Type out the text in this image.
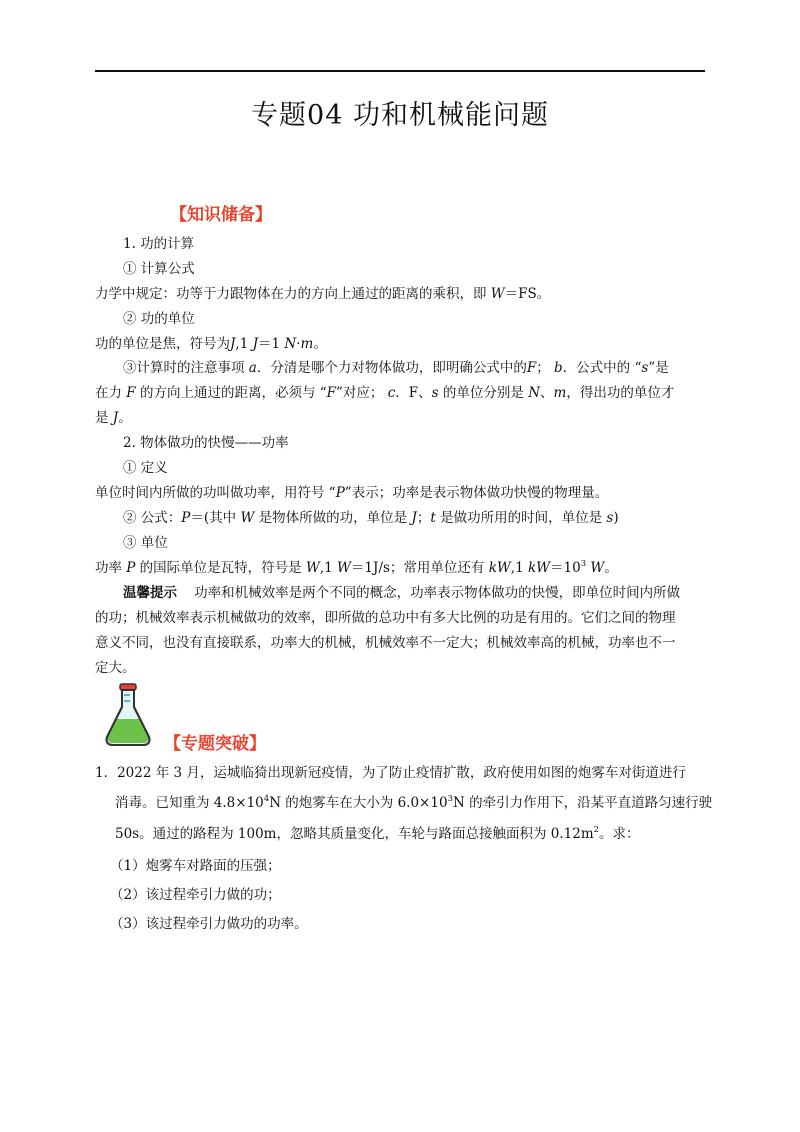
专题04 功和机械能问题
【知识储备】
1. 功的计算
① 计算公式
力学中规定：功等于力跟物体在力的方向上通过的距离的乘积，即 W＝FS。
② 功的单位
功的单位是焦，符号为J,1 J＝1 N·m。
③计算时的注意事项 a．分清是哪个力对物体做功，即明确公式中的F； b．公式中的 “s”是
在力 F 的方向上通过的距离，必须与 “F”对应； c．F、s 的单位分别是 N、m，得出功的单位才
是 J。
2. 物体做功的快慢——功率
① 定义
单位时间内所做的功叫做功率，用符号 “P”表示；功率是表示物体做功快慢的物理量。
② 公式：P＝(其中 W 是物体所做的功，单位是 J；t 是做功所用的时间，单位是 s)
③ 单位
功率 P 的国际单位是瓦特，符号是 W,1 W＝1J/s；常用单位还有 kW,1 $kW=10^3$ W。
温馨提示 功率和机械效率是两个不同的概念，功率表示物体做功的快慢，即单位时间内所做
的功；机械效率表示机械做功的效率，即所做的总功中有多大比例的功是有用的。它们之间的物理
意义不同，也没有直接联系，功率大的机械，机械效率不一定大；机械效率高的机械，功率也不一
定大。
【专题突破】
1．2022 年 3 月，运城临猗出现新冠疫情，为了防止疫情扩散，政府使用如图的炮雾车对街道进行
消毒。已知重为 $4.8\times 10^4N$ 的炮雾车在大小为 $6.0\times 10^3N$ 的牵引力作用下，沿某平直道路匀速行驶
50s。通过的路程为 100m，忽略其质量变化，车轮与路面总接触面积为 $0.12m^2$。求：
（1）炮雾车对路面的压强；
（2）该过程牵引力做的功；
（3）该过程牵引力做功的功率。
